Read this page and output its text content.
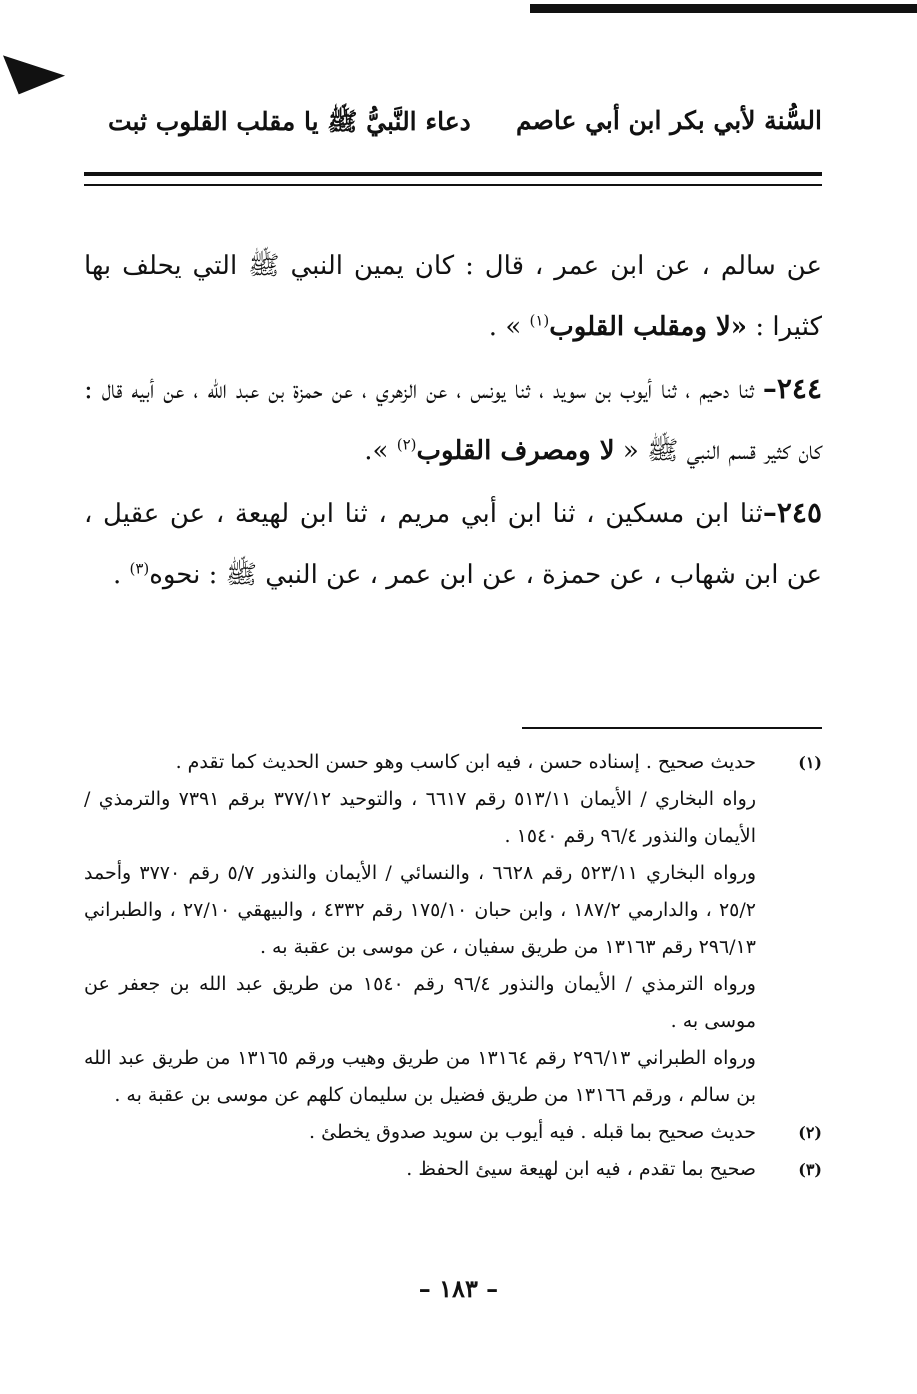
السُّنة لأبي بكر ابن أبي عاصم
دعاء النَّبيُّ ﷺ يا مقلب القلوب ثبت

عن سالم ، عن ابن عمر ، قال : كان يمين النبي ﷺ التي يحلف بها كثيرا : «لا ومقلب القلوب$^{(١)}$ » .

٢٤٤– ثنا دحيم ، ثنا أيوب بن سويد ، ثنا يونس ، عن الزهري ، عن حمزة بن عبد الله ، عن أبيه قال : كان كثير قسم النبي ﷺ « لا ومصرف القلوب$^{(٢)}$ ».

٢٤٥–ثنا ابن مسكين ، ثنا ابن أبي مريم ، ثنا ابن لهيعة ، عن عقيل ، عن ابن شهاب ، عن حمزة ، عن ابن عمر ، عن النبي ﷺ : نحوه$^{(٣)}$ .

(١)

حديث صحيح . إسناده حسن ، فيه ابن كاسب وهو حسن الحديث كما تقدم .

رواه البخاري / الأيمان ٥١٣/١١ رقم ٦٦١٧ ، والتوحيد ٣٧٧/١٢ برقم ٧٣٩١ والترمذي / الأيمان والنذور ٩٦/٤ رقم ١٥٤٠ .

ورواه البخاري ٥٢٣/١١ رقم ٦٦٢٨ ، والنسائي / الأيمان والنذور ٥/٧ رقم ٣٧٧٠ وأحمد ٢٥/٢ ، والدارمي ١٨٧/٢ ، وابن حبان ١٧٥/١٠ رقم ٤٣٣٢ ، والبيهقي ٢٧/١٠ ، والطبراني ٢٩٦/١٣ رقم ١٣١٦٣ من طريق سفيان ، عن موسى بن عقبة به .

ورواه الترمذي / الأيمان والنذور ٩٦/٤ رقم ١٥٤٠ من طريق عبد الله بن جعفر عن موسى به .

ورواه الطبراني ٢٩٦/١٣ رقم ١٣١٦٤ من طريق وهيب ورقم ١٣١٦٥ من طريق عبد الله بن سالم ، ورقم ١٣١٦٦ من طريق فضيل بن سليمان كلهم عن موسى بن عقبة به .

(٢)

حديث صحيح بما قبله . فيه أيوب بن سويد صدوق يخطئ .

(٣)

صحيح بما تقدم ، فيه ابن لهيعة سيئ الحفظ .

– ١٨٣ –
